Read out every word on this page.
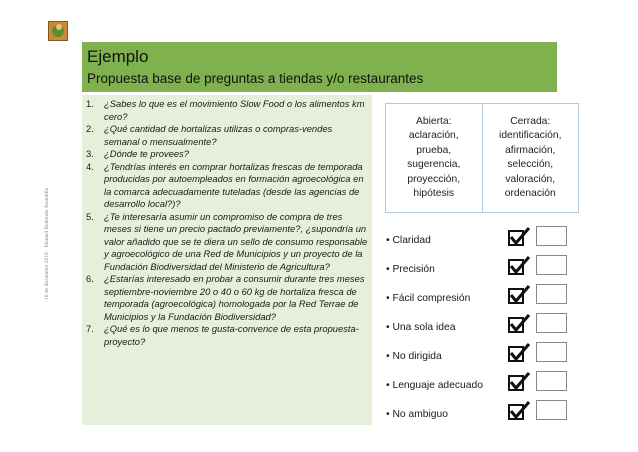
Ejemplo
Propuesta base de preguntas a tiendas y/o restaurantes
16 de diciembre 2016 · Manuel Redondo Arandilla
1.	¿Sabes lo que es el movimiento Slow Food o los alimentos km cero?
2.	¿Qué cantidad de hortalizas utilizas o compras-vendes semanal o mensualmente?
3.	¿Dónde te provees?
4.	¿Tendrías interés en comprar hortalizas frescas de temporada producidas por autoempleados en formación agroecológica en la comarca adecuadamente tuteladas (desde las agencias de desarrollo local?)?
5.	¿Te interesaría asumir un compromiso de compra de tres meses si tiene un precio pactado previamente?, ¿supondría un valor añadido que se te diera un sello de consumo responsable y agroecológico de una Red de Municipios y un proyecto de la Fundación Biodiversidad del Ministerio de Agricultura?
6.	¿Estarías interesado en probar a consumir durante tres meses septiembre-noviembre 20 o 40 o 60 kg de hortaliza fresca de temporada (agroecológica) homologada por la Red Terrae de Municipios y la Fundación Biodiversidad?
7.	¿Qué es lo que menos te gusta-convence de esta propuesta-proyecto?
Abierta:
aclaración,
prueba,
sugerencia,
proyección,
hipótesis
Cerrada:
identificación,
afirmación,
selección,
valoración,
ordenación
• Claridad
• Precisión
• Fácil compresión
• Una sola idea
• No dirigida
• Lenguaje adecuado
• No ambiguo
